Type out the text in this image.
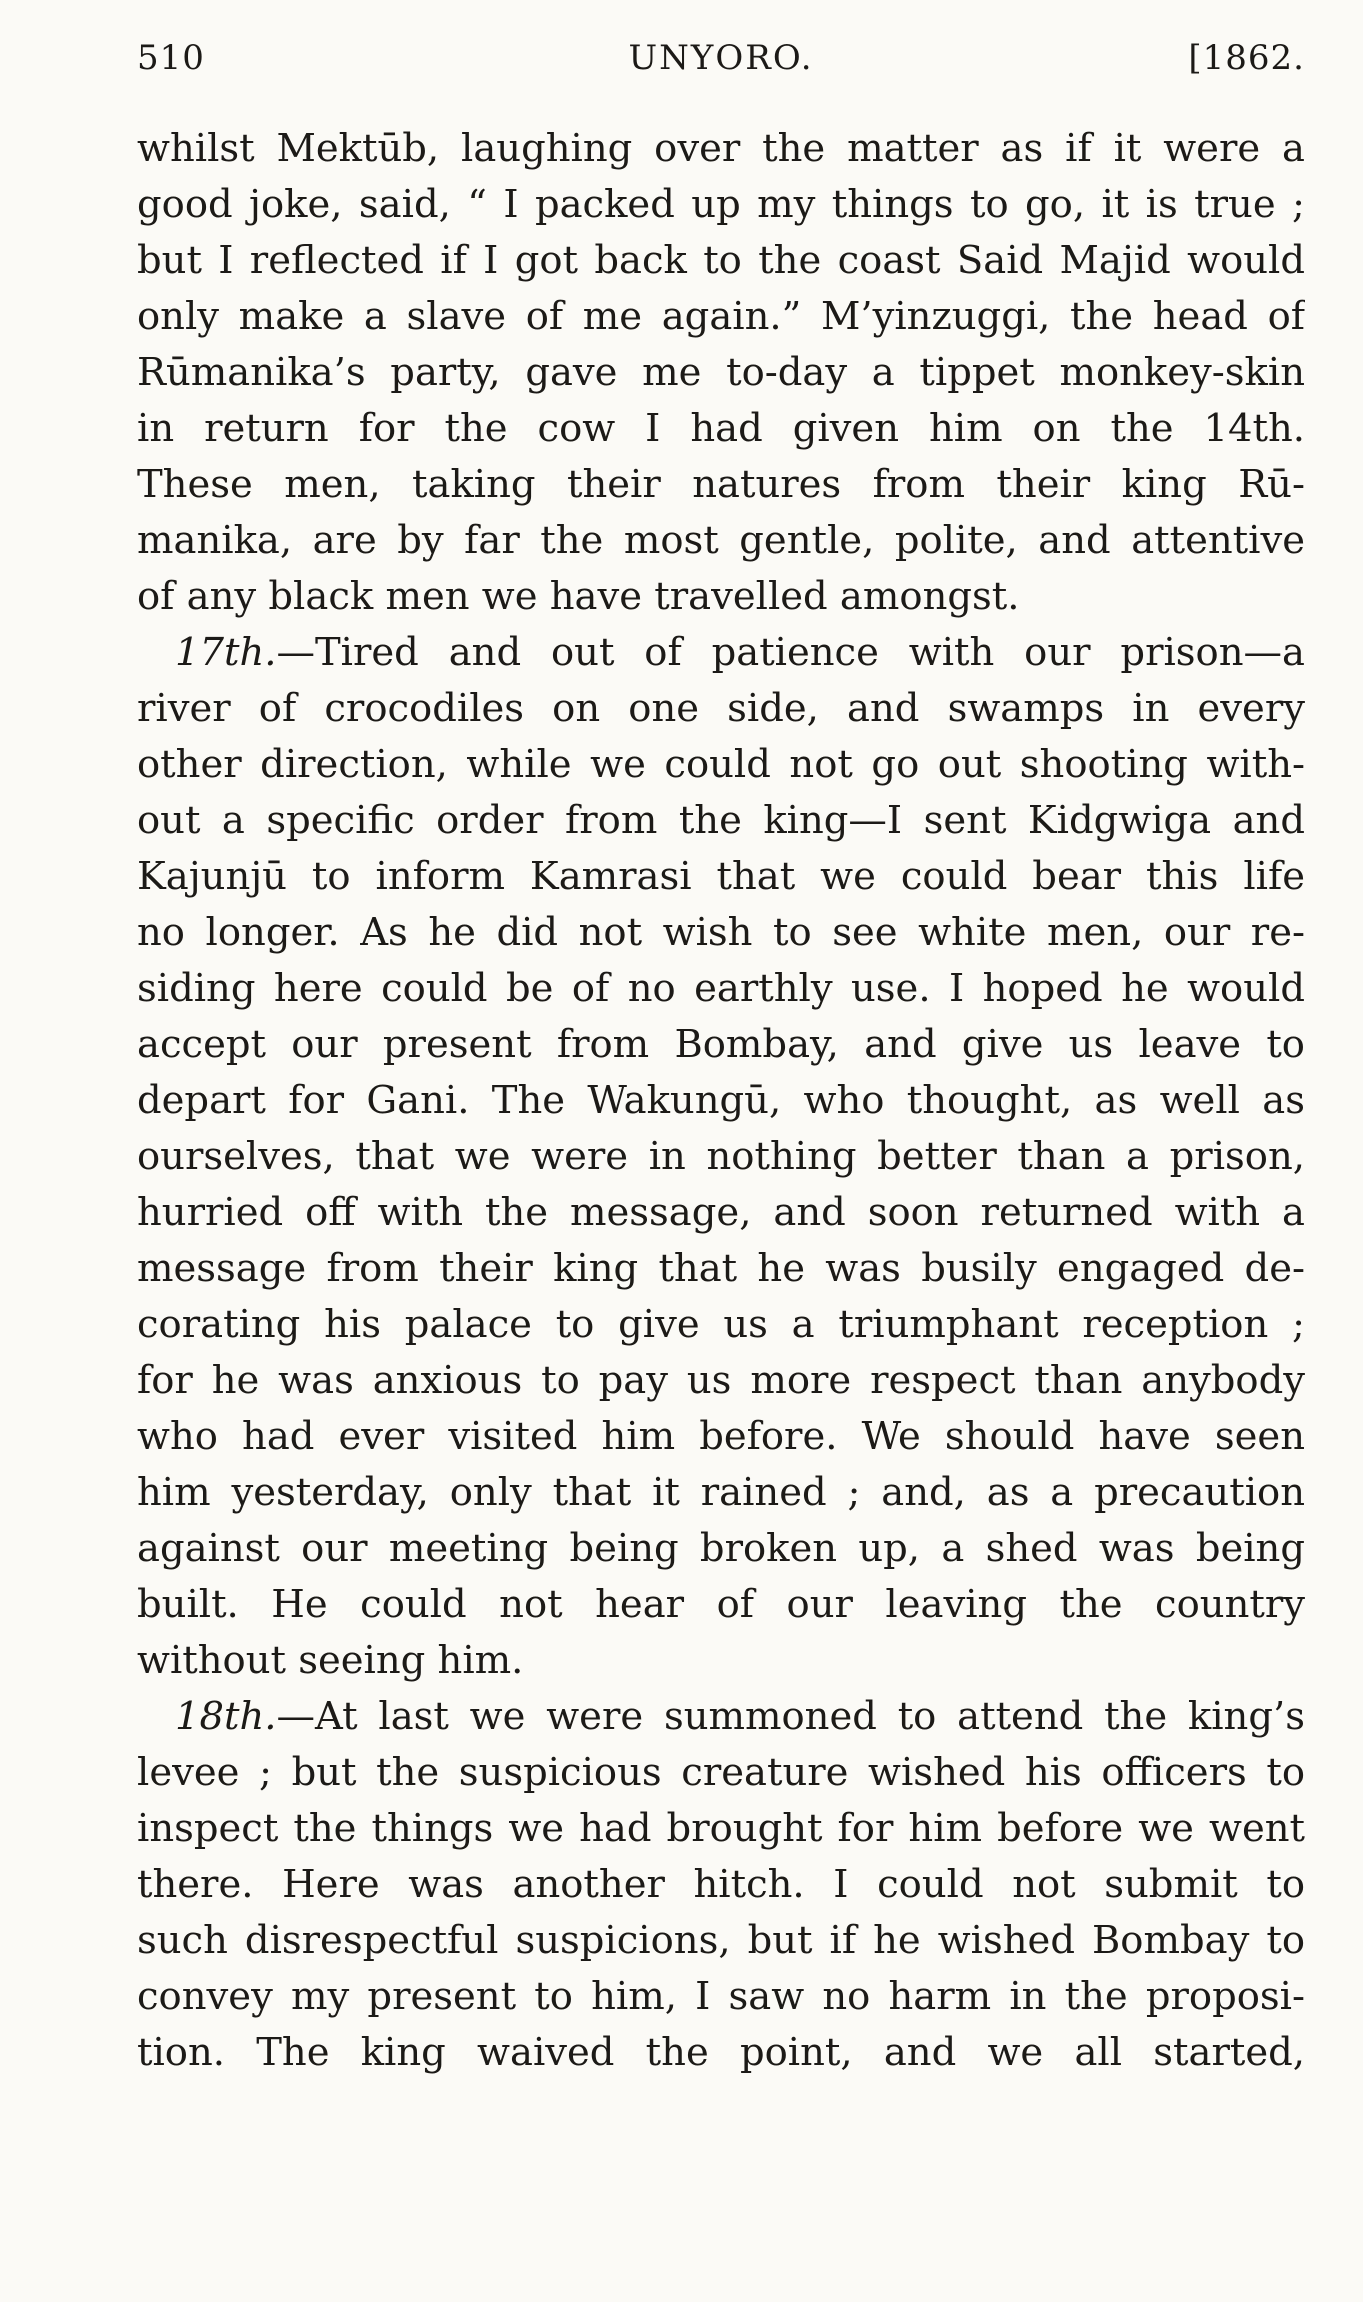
510	UNYORO.	[1862.
whilst Mektūb, laughing over the matter as if it were a
good joke, said, “ I packed up my things to go, it is true ;
but I reflected if I got back to the coast Said Majid would
only make a slave of me again.” M’yinzuggi, the head of
Rūmanika’s party, gave me to-day a tippet monkey-skin
in return for the cow I had given him on the 14th.
These men, taking their natures from their king Rū-
manika, are by far the most gentle, polite, and attentive
of any black men we have travelled amongst.
17th.—Tired and out of patience with our prison—a
river of crocodiles on one side, and swamps in every
other direction, while we could not go out shooting with-
out a specific order from the king—I sent Kidgwiga and
Kajunjū to inform Kamrasi that we could bear this life
no longer. As he did not wish to see white men, our re-
siding here could be of no earthly use. I hoped he would
accept our present from Bombay, and give us leave to
depart for Gani. The Wakungū, who thought, as well as
ourselves, that we were in nothing better than a prison,
hurried off with the message, and soon returned with a
message from their king that he was busily engaged de-
corating his palace to give us a triumphant reception ;
for he was anxious to pay us more respect than anybody
who had ever visited him before. We should have seen
him yesterday, only that it rained ; and, as a precaution
against our meeting being broken up, a shed was being
built. He could not hear of our leaving the country
without seeing him.
18th.—At last we were summoned to attend the king’s
levee ; but the suspicious creature wished his officers to
inspect the things we had brought for him before we went
there. Here was another hitch. I could not submit to
such disrespectful suspicions, but if he wished Bombay to
convey my present to him, I saw no harm in the proposi-
tion. The king waived the point, and we all started,
